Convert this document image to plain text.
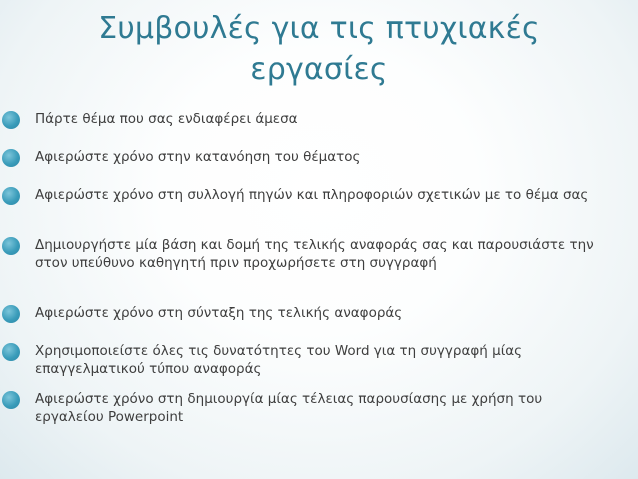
Συμβουλές για τις πτυχιακές εργασίες
Πάρτε θέμα που σας ενδιαφέρει άμεσα
Αφιερώστε χρόνο στην κατανόηση του θέματος
Αφιερώστε χρόνο στη συλλογή πηγών και πληροφοριών σχετικών με το θέμα σας
Δημιουργήστε μία βάση και δομή της τελικής αναφοράς σας και παρουσιάστε την στον υπεύθυνο καθηγητή πριν προχωρήσετε στη συγγραφή
Αφιερώστε χρόνο στη σύνταξη της τελικής αναφοράς
Χρησιμοποιείστε όλες τις δυνατότητες του Word για τη συγγραφή μίας επαγγελματικού τύπου αναφοράς
Αφιερώστε χρόνο στη δημιουργία μίας τέλειας παρουσίασης με χρήση του εργαλείου Powerpoint
